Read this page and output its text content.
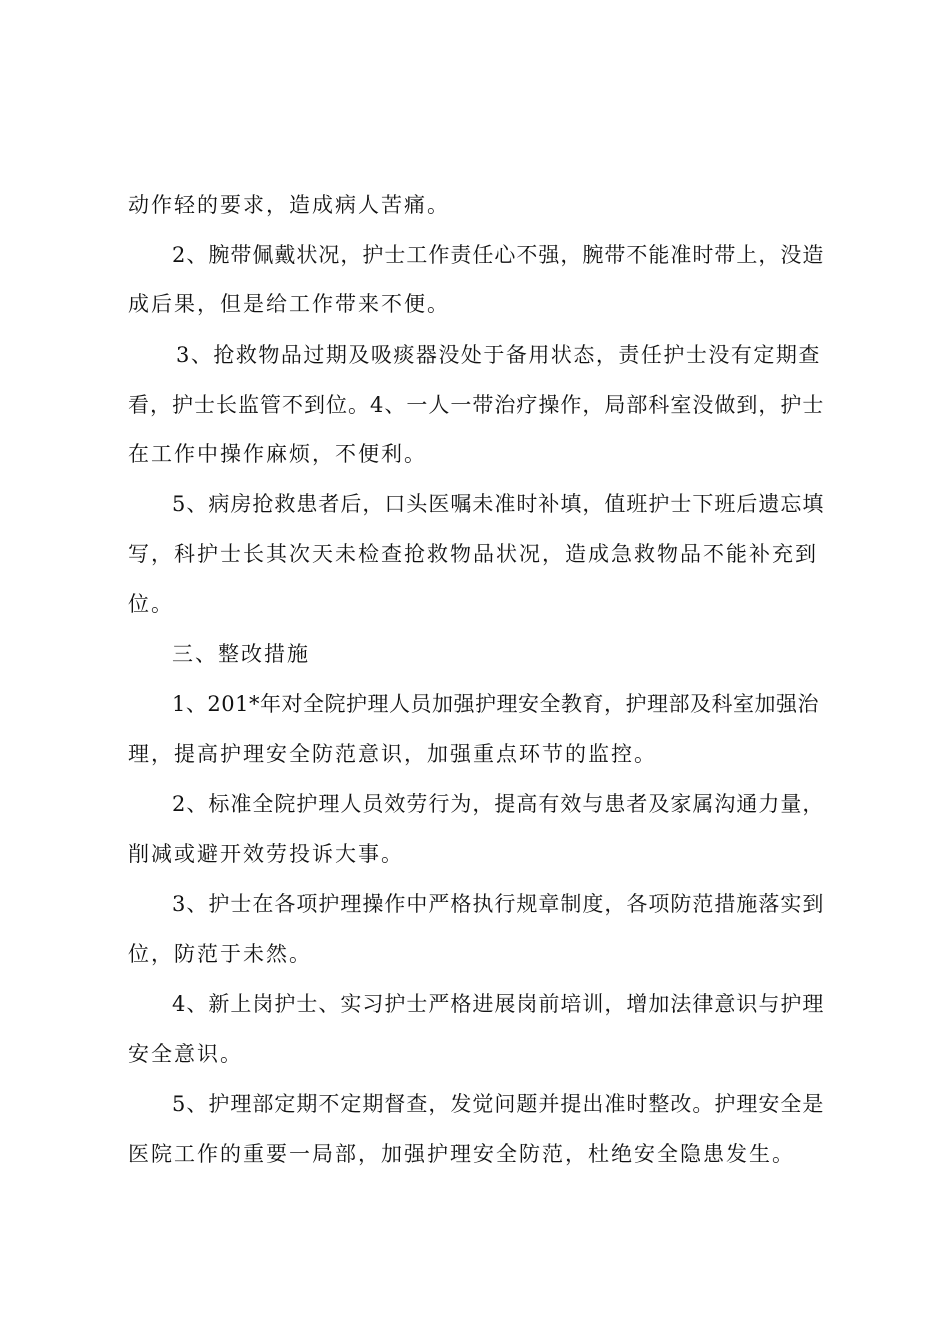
动作轻的要求，造成病人苦痛。

2、腕带佩戴状况，护士工作责任心不强，腕带不能准时带上，没造

成后果，但是给工作带来不便。

3、抢救物品过期及吸痰器没处于备用状态，责任护士没有定期查

看，护士长监管不到位。4、一人一带治疗操作，局部科室没做到，护士

在工作中操作麻烦，不便利。

5、病房抢救患者后，口头医嘱未准时补填，值班护士下班后遗忘填

写，科护士长其次天未检查抢救物品状况，造成急救物品不能补充到

位。

三、整改措施

1、201*年对全院护理人员加强护理安全教育，护理部及科室加强治

理，提高护理安全防范意识，加强重点环节的监控。

2、标准全院护理人员效劳行为，提高有效与患者及家属沟通力量，

削减或避开效劳投诉大事。

3、护士在各项护理操作中严格执行规章制度，各项防范措施落实到

位，防范于未然。

4、新上岗护士、实习护士严格进展岗前培训，增加法律意识与护理

安全意识。

5、护理部定期不定期督查，发觉问题并提出准时整改。护理安全是

医院工作的重要一局部，加强护理安全防范，杜绝安全隐患发生。
